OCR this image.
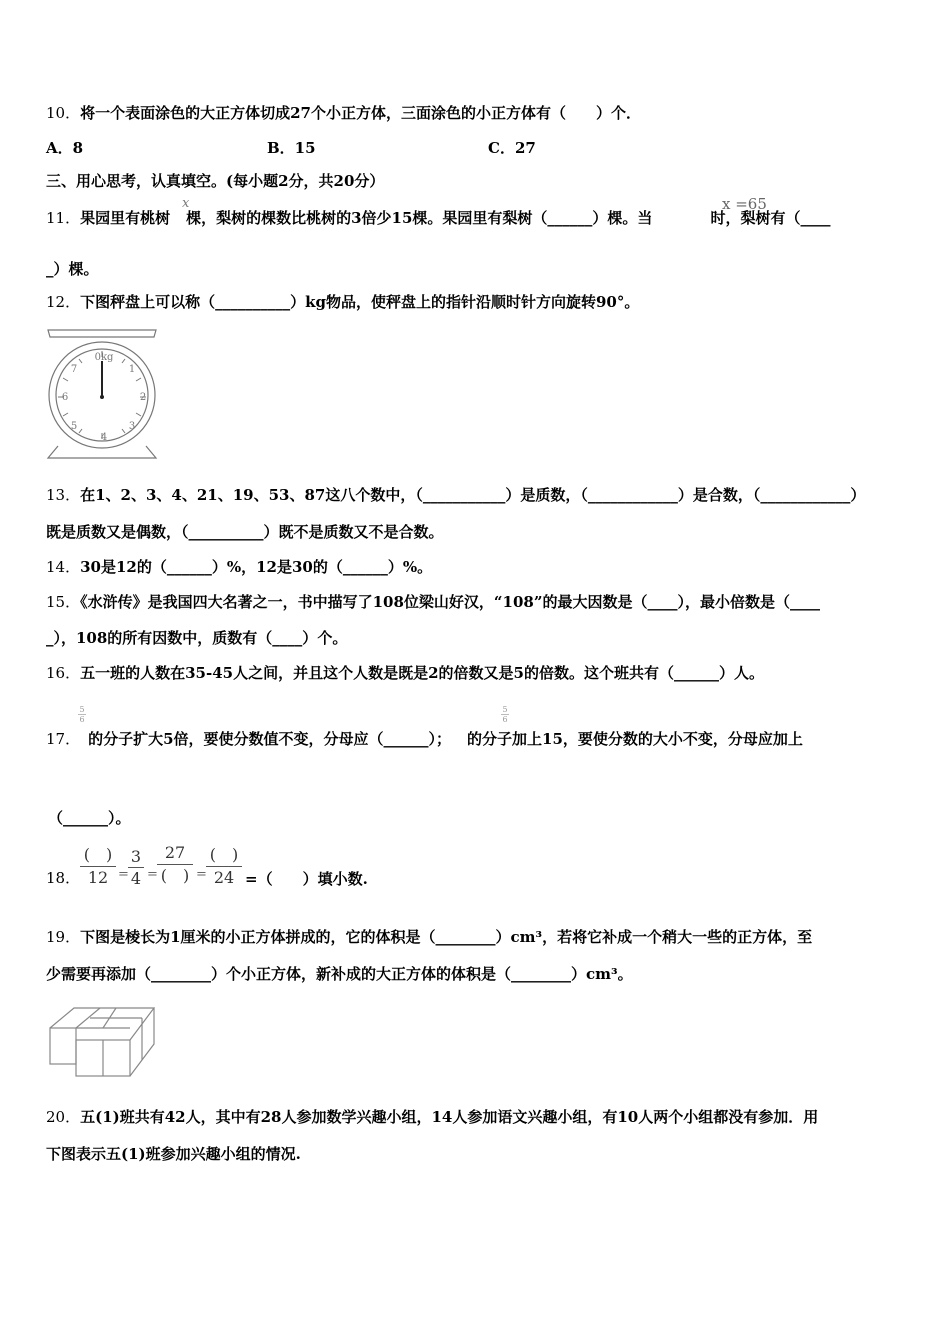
10．将一个表面涂色的大正方体切成27个小正方体，三面涂色的小正方体有（　　）个．
A．8	B．15	C．27
三、用心思考，认真填空。(每小题2分，共20分）
11．果园里有桃树 棵，梨树的棵数比桃树的3倍少15棵。果园里有梨树（______）棵。当	时，梨树有（____
x	x =65
_）棵。
12．下图秤盘上可以称（__________）kg物品，使秤盘上的指针沿顺时针方向旋转90°。
0kg
1
2
3
4
5
6
7
13．在1、2、3、4、21、19、53、87这八个数中，（___________）是质数，（____________）是合数，（____________）
既是质数又是偶数，（__________）既不是质数又不是合数。
14．30是12的（______）%，12是30的（______）%。
15．《水浒传》是我国四大名著之一，书中描写了108位梁山好汉，“108”的最大因数是（____），最小倍数是（____
_），108的所有因数中，质数有（____）个。
16．五一班的人数在35-45人之间，并且这个人数是既是2的倍数又是5的倍数。这个班共有（______）人。
17． 的分子扩大5倍，要使分数值不变，分母应（______）； 的分子加上15，要使分数的大小不变，分母应加上
$\frac{5}{6}$	$\frac{5}{6}$
（______）。
18．
(　)
$12 = \frac{3}{4}$ =
27
(　) =
(　)
24 =（　　）填小数.
19．下图是棱长为1厘米的小正方体拼成的，它的体积是（________）cm³，若将它补成一个稍大一些的正方体，至
少需要再添加（________）个小正方体，新补成的大正方体的体积是（________）cm³。
20．五(1)班共有42人，其中有28人参加数学兴趣小组，14人参加语文兴趣小组，有10人两个小组都没有参加．用
下图表示五(1)班参加兴趣小组的情况.
